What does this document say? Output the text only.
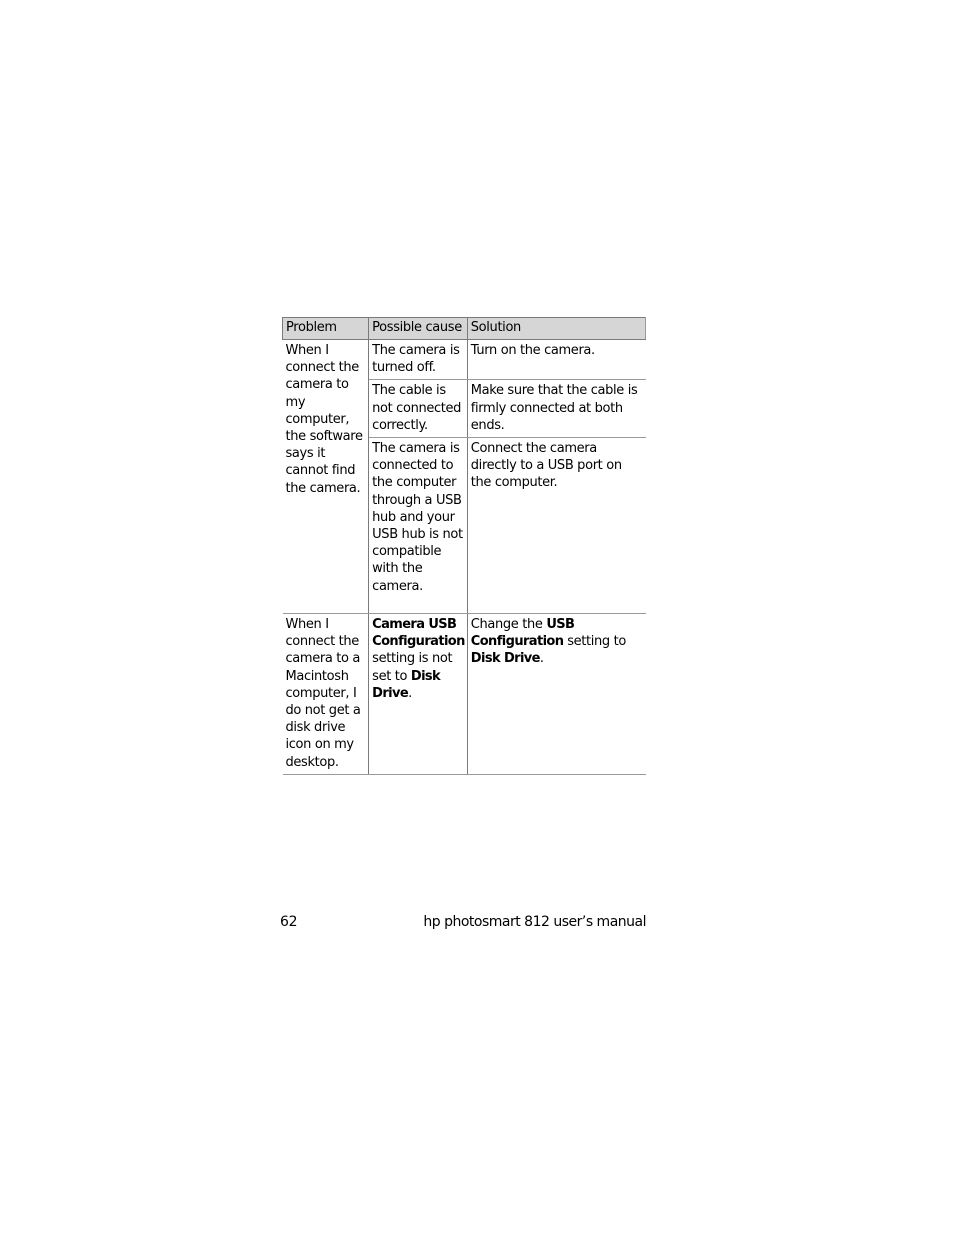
Problem	Possible cause	Solution
When I connect the camera to my computer, the software says it cannot find the camera.	The camera is turned off.	Turn on the camera.
	The cable is not connected correctly.	Make sure that the cable is firmly connected at both ends.
	The camera is connected to the computer through a USB hub and your USB hub is not compatible with the camera.	Connect the camera directly to a USB port on the computer.
When I connect the camera to a Macintosh computer, I do not get a disk drive icon on my desktop.	Camera USB Configuration setting is not set to Disk Drive.	Change the USB Configuration setting to Disk Drive.
62	hp photosmart 812 user’s manual
